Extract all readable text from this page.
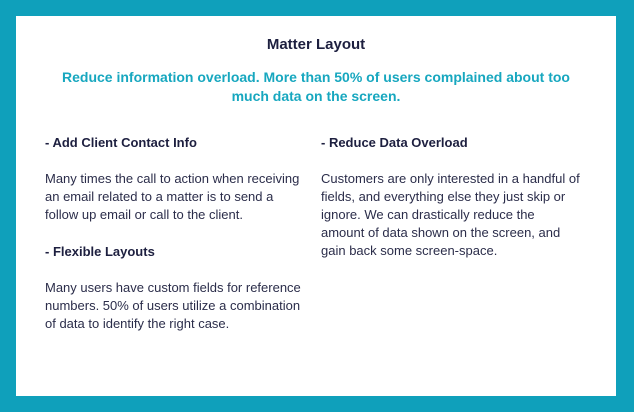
Matter Layout
Reduce information overload. More than 50% of users complained about too much data on the screen.

- Add Client Contact Info

Many times the call to action when receiving an email related to a matter is to send a follow up email or call to the client.

- Flexible Layouts

Many users have custom fields for reference numbers. 50% of users utilize a combination of data to identify the right case.

- Reduce Data Overload

Customers are only interested in a handful of fields, and everything else they just skip or ignore. We can drastically reduce the amount of data shown on the screen, and gain back some screen-space.
